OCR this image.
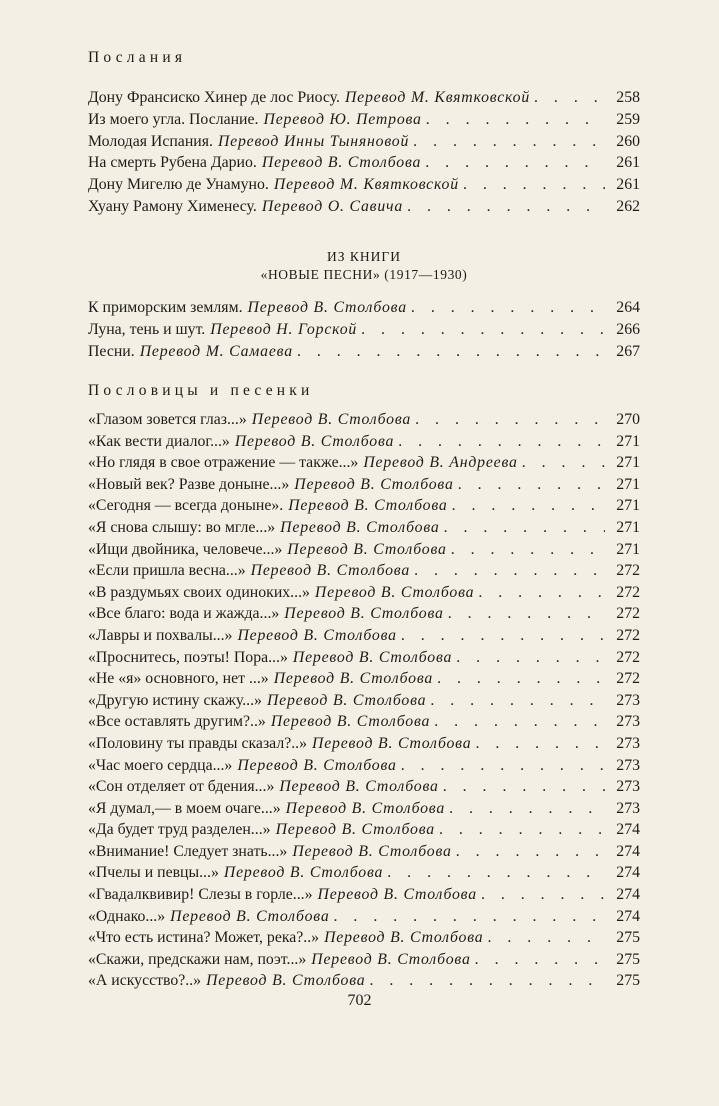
Послания
Дону Франсиско Хинер де лос Риосу. Перевод М. Квятковской . . .	258
Из моего угла. Послание. Перевод Ю. Петрова . . .	259
Молодая Испания. Перевод Инны Тыняновой . . .	260
На смерть Рубена Дарио. Перевод В. Столбова . . .	261
Дону Мигелю де Унамуно. Перевод М. Квятковской . . .	261
Хуану Рамону Хименесу. Перевод О. Савича . . .	262
ИЗ КНИГИ
«НОВЫЕ ПЕСНИ» (1917—1930)
К приморским землям. Перевод В. Столбова . . .	264
Луна, тень и шут. Перевод Н. Горской . . .	266
Песни. Перевод М. Самаева . . .	267
Пословицы и песенки
«Глазом зовется глаз...» Перевод В. Столбова . . .	270
«Как вести диалог...» Перевод В. Столбова . . .	271
«Но глядя в свое отражение — также...» Перевод В. Андреева . . .	271
«Новый век? Разве доныне...» Перевод В. Столбова . . .	271
«Сегодня — всегда доныне». Перевод В. Столбова . . .	271
«Я снова слышу: во мгле...» Перевод В. Столбова . . .	271
«Ищи двойника, человече...» Перевод В. Столбова . . .	271
«Если пришла весна...» Перевод В. Столбова . . .	272
«В раздумьях своих одиноких...» Перевод В. Столбова . . .	272
«Все благо: вода и жажда...» Перевод В. Столбова . . .	272
«Лавры и похвалы...» Перевод В. Столбова . . .	272
«Проснитесь, поэты! Пора...» Перевод В. Столбова . . .	272
«Не «я» основного, нет ...» Перевод В. Столбова . . .	272
«Другую истину скажу...» Перевод В. Столбова . . .	273
«Все оставлять другим?..» Перевод В. Столбова . . .	273
«Половину ты правды сказал?..» Перевод В. Столбова . . .	273
«Час моего сердца...» Перевод В. Столбова . . .	273
«Сон отделяет от бдения...» Перевод В. Столбова . . .	273
«Я думал,— в моем очаге...» Перевод В. Столбова . . .	273
«Да будет труд разделен...» Перевод В. Столбова . . .	274
«Внимание! Следует знать...» Перевод В. Столбова . . .	274
«Пчелы и певцы...» Перевод В. Столбова . . .	274
«Гвадалквивир! Слезы в горле...» Перевод В. Столбова . . .	274
«Однако...» Перевод В. Столбова . . .	274
«Что есть истина? Может, река?..» Перевод В. Столбова . . .	275
«Скажи, предскажи нам, поэт...» Перевод В. Столбова . . .	275
«А искусство?..» Перевод В. Столбова . . .	275
702
